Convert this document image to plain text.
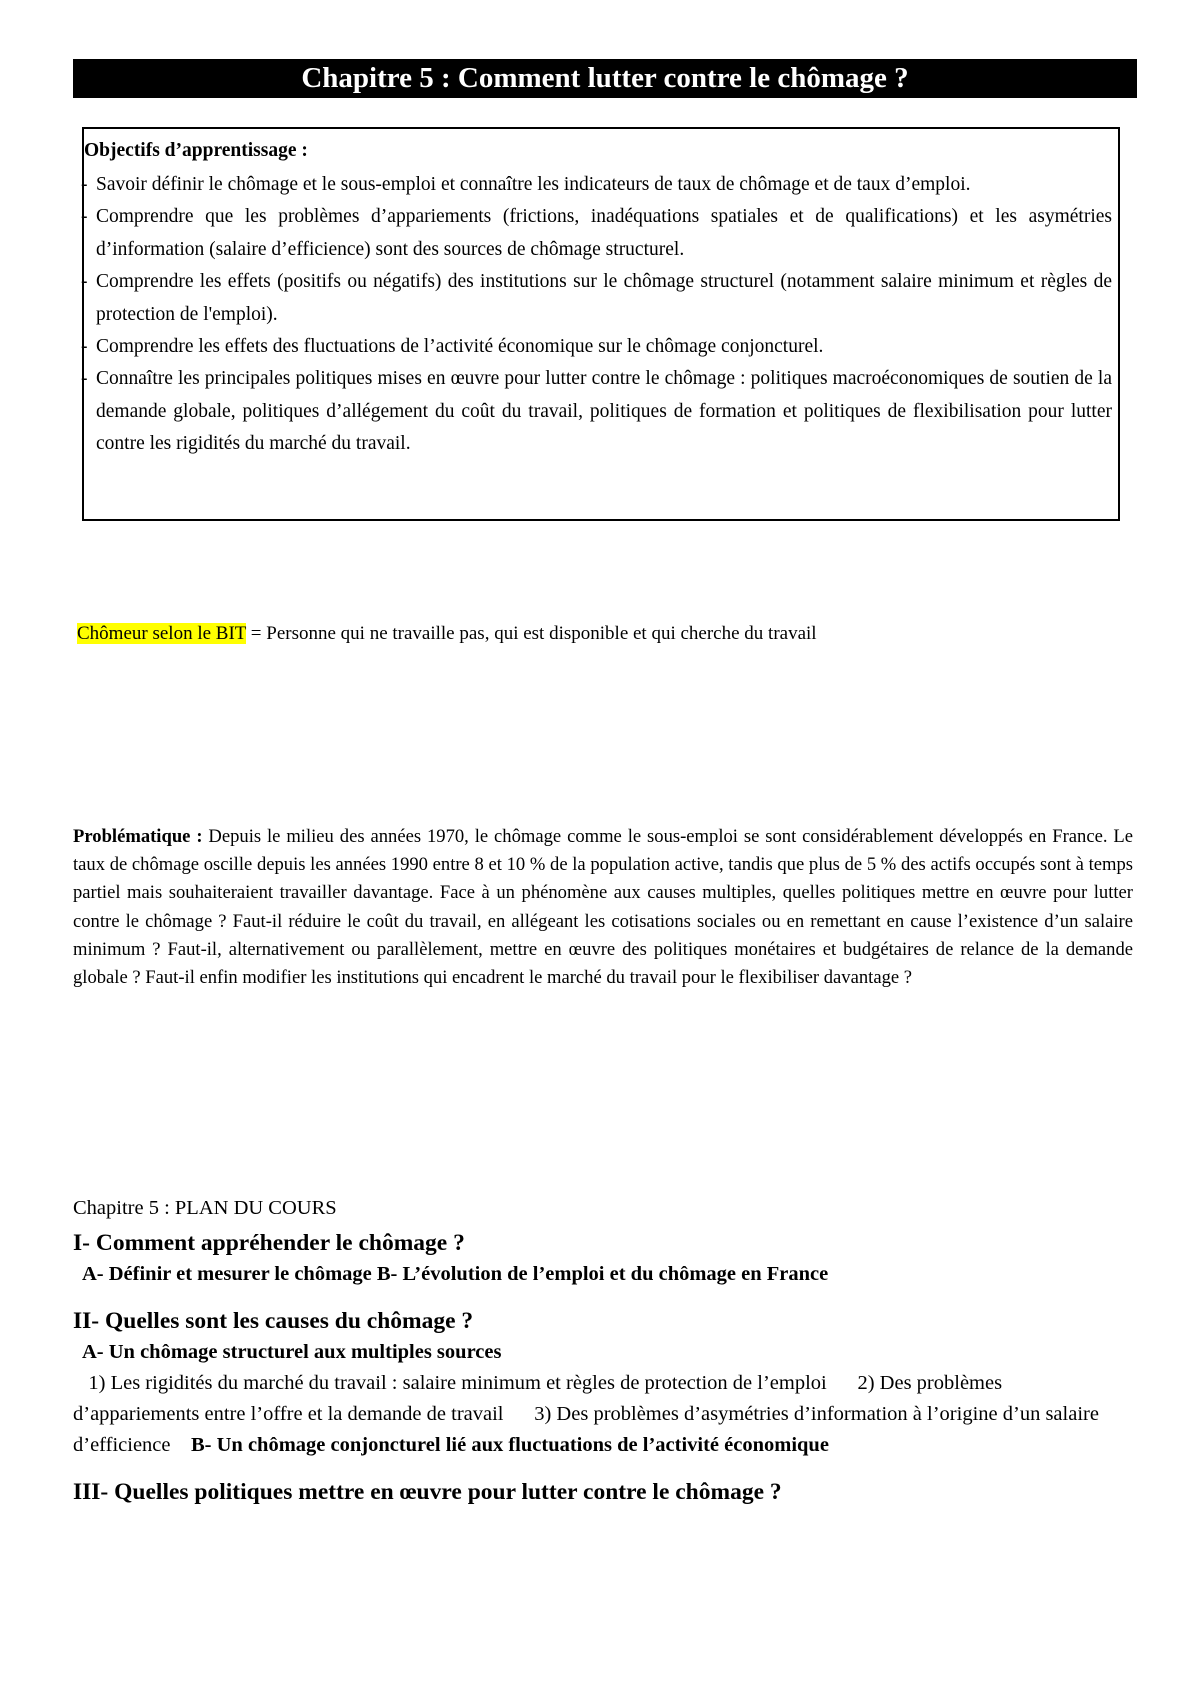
Chapitre 5 : Comment lutter contre le chômage ?
Objectifs d’apprentissage :
- Savoir définir le chômage et le sous-emploi et connaître les indicateurs de taux de chômage et de taux d’emploi.
- Comprendre que les problèmes d’appariements (frictions, inadéquations spatiales et de qualifications) et les asymétries d’information (salaire d’efficience) sont des sources de chômage structurel.
- Comprendre les effets (positifs ou négatifs) des institutions sur le chômage structurel (notamment salaire minimum et règles de protection de l'emploi).
- Comprendre les effets des fluctuations de l’activité économique sur le chômage conjoncturel.
- Connaître les principales politiques mises en œuvre pour lutter contre le chômage : politiques macroéconomiques de soutien de la demande globale, politiques d’allégement du coût du travail, politiques de formation et politiques de flexibilisation pour lutter contre les rigidités du marché du travail.
Chômeur selon le BIT = Personne qui ne travaille pas, qui est disponible et qui cherche du travail
Problématique : Depuis le milieu des années 1970, le chômage comme le sous-emploi se sont considérablement développés en France. Le taux de chômage oscille depuis les années 1990 entre 8 et 10 % de la population active, tandis que plus de 5 % des actifs occupés sont à temps partiel mais souhaiteraient travailler davantage. Face à un phénomène aux causes multiples, quelles politiques mettre en œuvre pour lutter contre le chômage ? Faut-il réduire le coût du travail, en allégeant les cotisations sociales ou en remettant en cause l’existence d’un salaire minimum ? Faut-il, alternativement ou parallèlement, mettre en œuvre des politiques monétaires et budgétaires de relance de la demande globale ? Faut-il enfin modifier les institutions qui encadrent le marché du travail pour le flexibiliser davantage ?
Chapitre 5 : PLAN DU COURS
I- Comment appréhender le chômage ?
A- Définir et mesurer le chômage B- L’évolution de l’emploi et du chômage en France
II- Quelles sont les causes du chômage ?
A- Un chômage structurel aux multiples sources
1) Les rigidités du marché du travail : salaire minimum et règles de protection de l’emploi      2) Des problèmes d’appariements entre l’offre et la demande de travail      3) Des problèmes d’asymétries d’information à l’origine d’un salaire d’efficience    B- Un chômage conjoncturel lié aux fluctuations de l’activité économique
III- Quelles politiques mettre en œuvre pour lutter contre le chômage ?
